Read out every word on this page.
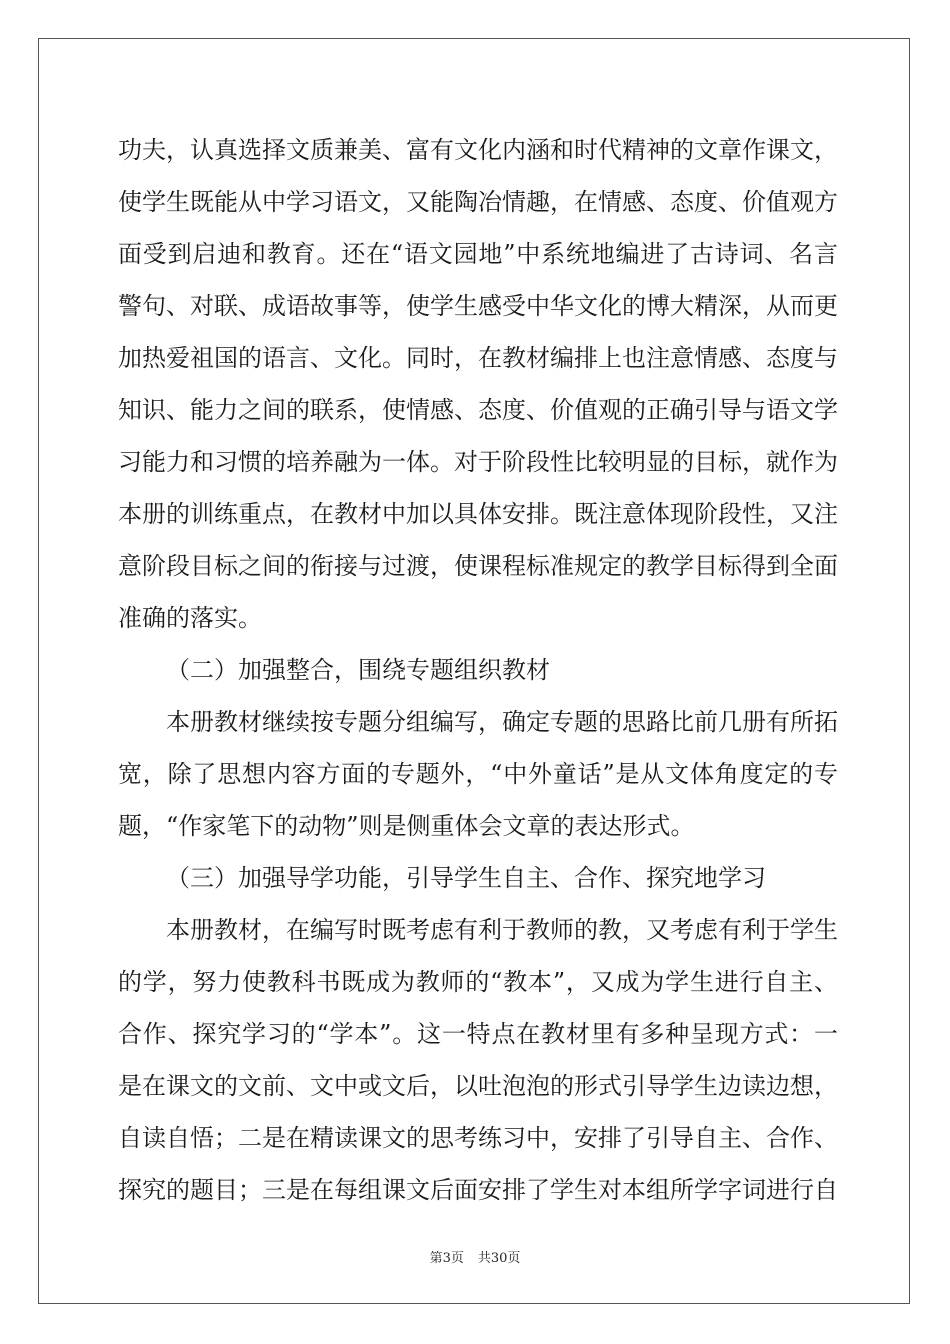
功夫，认真选择文质兼美、富有文化内涵和时代精神的文章作课文，
使学生既能从中学习语文，又能陶冶情趣，在情感、态度、价值观方
面受到启迪和教育。还在“语文园地”中系统地编进了古诗词、名言
警句、对联、成语故事等，使学生感受中华文化的博大精深，从而更
加热爱祖国的语言、文化。同时，在教材编排上也注意情感、态度与
知识、能力之间的联系，使情感、态度、价值观的正确引导与语文学
习能力和习惯的培养融为一体。对于阶段性比较明显的目标，就作为
本册的训练重点，在教材中加以具体安排。既注意体现阶段性，又注
意阶段目标之间的衔接与过渡，使课程标准规定的教学目标得到全面
准确的落实。
（二）加强整合，围绕专题组织教材
本册教材继续按专题分组编写，确定专题的思路比前几册有所拓
宽，除了思想内容方面的专题外，“中外童话”是从文体角度定的专
题，“作家笔下的动物”则是侧重体会文章的表达形式。
（三）加强导学功能，引导学生自主、合作、探究地学习
本册教材，在编写时既考虑有利于教师的教，又考虑有利于学生
的学，努力使教科书既成为教师的“教本”，又成为学生进行自主、
合作、探究学习的“学本”。这一特点在教材里有多种呈现方式：一
是在课文的文前、文中或文后，以吐泡泡的形式引导学生边读边想，
自读自悟；二是在精读课文的思考练习中，安排了引导自主、合作、
探究的题目；三是在每组课文后面安排了学生对本组所学字词进行自
第3页 共30页
